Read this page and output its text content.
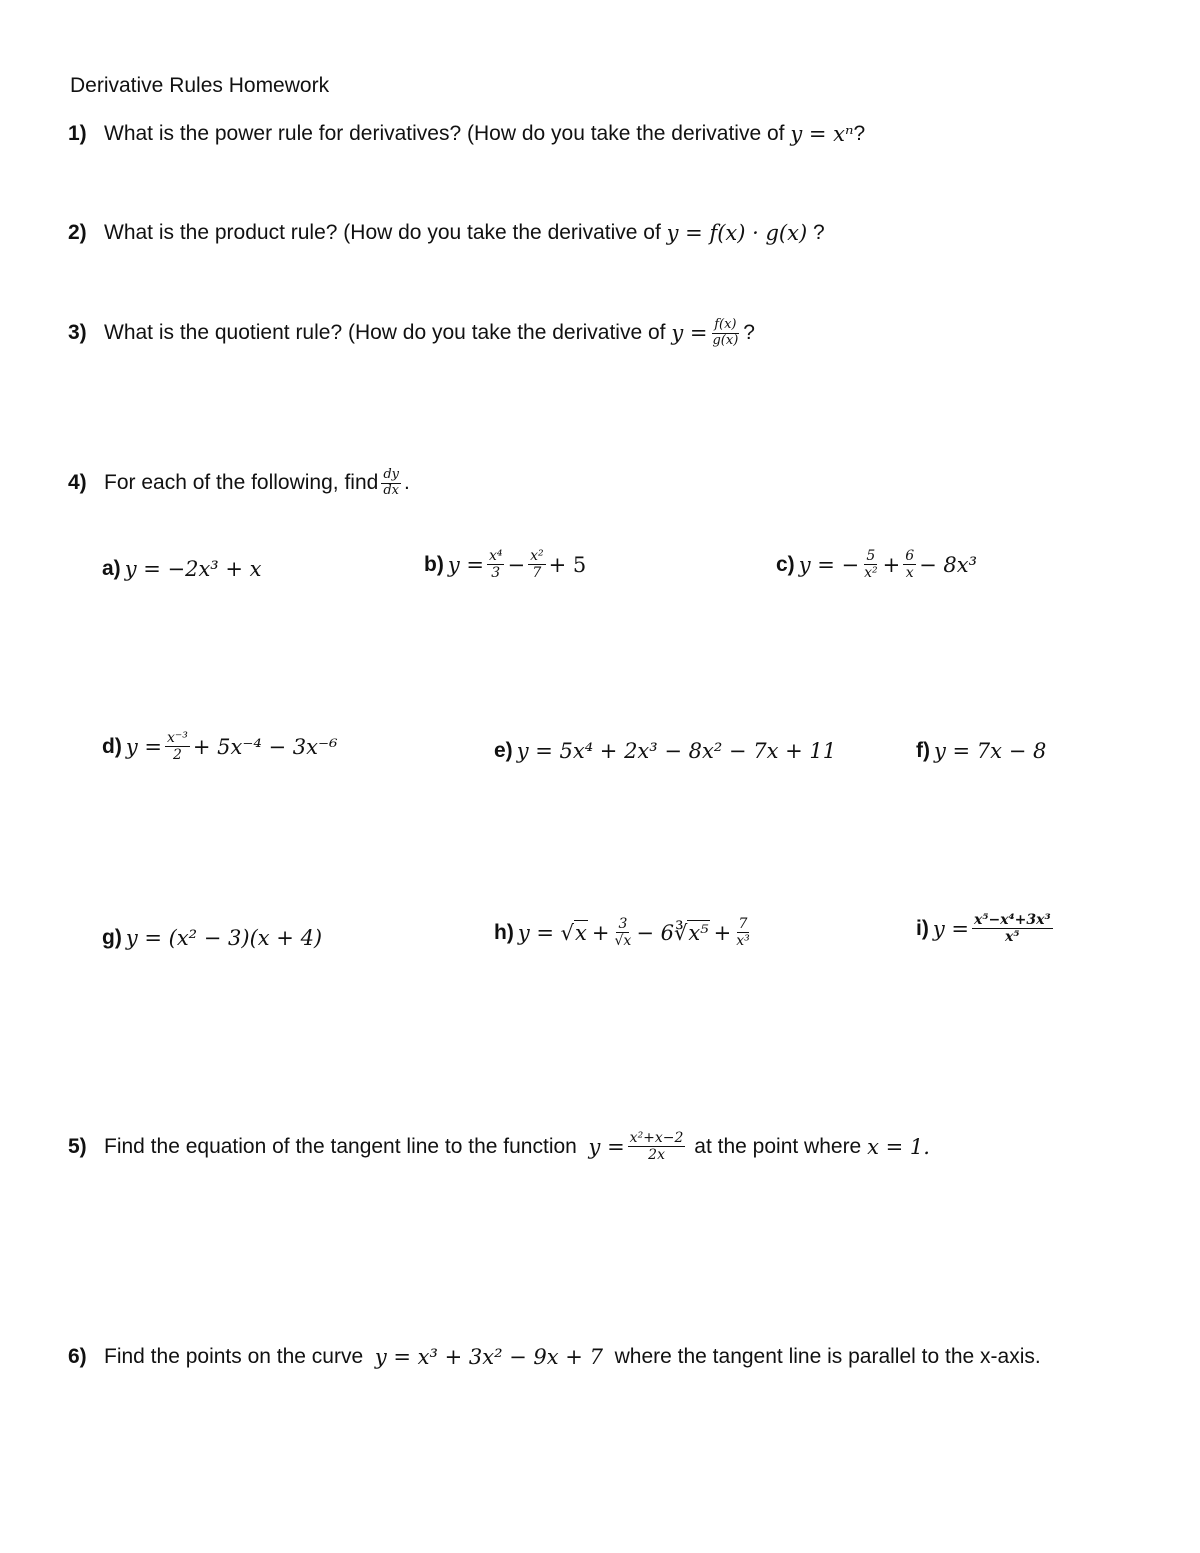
Derivative Rules Homework
1) What is the power rule for derivatives? (How do you take the derivative of
y = xⁿ ?
2) What is the product rule? (How do you take the derivative of
y = f(x) · g(x)
?
3) What is the quotient rule? (How do you take the derivative of
$y = \frac{f(x)}{g(x)}$ ?
4) For each of the following, find $\frac{dy}{dx}$ .
a) y = −2x³ + x	b) $y = \frac{\text{x⁴}}{3} - \frac{\text{x²}}{7} + 5$	c) y = − $\frac{5}{\text{x²}} + \frac{6}{x} - 8x^3$
d) $y = \frac{\text{x⁻³}}{2} + 5x^{-4} - 3x^{-6}$	e) y = 5x⁴ + 2x³ − 8x² − 7x + 11	f) y = 7x − 8
g) y = (x² − 3)(x + 4)	h) y = √ $x + \frac{3}{√x}$ − 6∛ $x^5 + \frac{7}{\text{x³}}$	i) $y = \frac{\text{x⁵−x⁴+3x³}}{\text{x⁵}}$
5) Find the equation of the tangent line to the function
$y = \frac{\text{x²+x−2}}{2x}$
at the point where
x = 1.
6) Find the points on the curve
y = x³ + 3x² − 9x + 7
where the tangent line is parallel to the x-axis.
